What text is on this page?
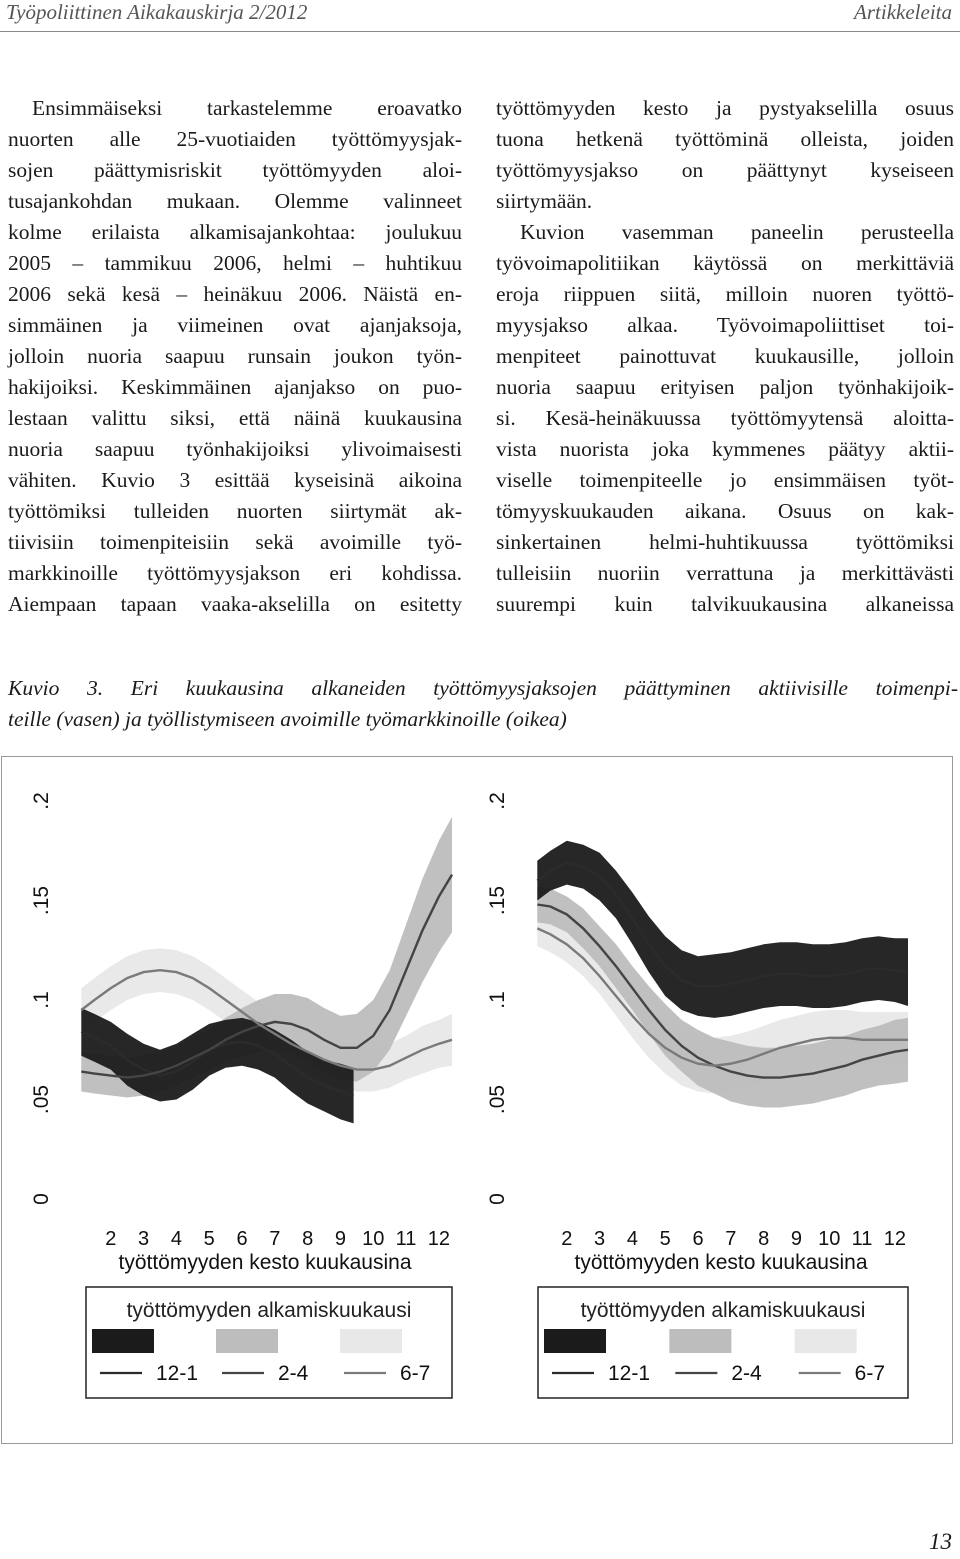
Työpoliittinen Aikakauskirja 2/2012	Artikkeleita
Ensimmäiseksi tarkastelemme eroavatko
nuorten alle 25-vuotiaiden työttömyysjak-
sojen päättymisriskit työttömyyden aloi-
tusajankohdan mukaan. Olemme valinneet
kolme erilaista alkamisajankohtaa: joulukuu
2005 – tammikuu 2006, helmi – huhtikuu
2006 sekä kesä – heinäkuu 2006. Näistä en-
simmäinen ja viimeinen ovat ajanjaksoja,
jolloin nuoria saapuu runsain joukon työn-
hakijoiksi. Keskimmäinen ajanjakso on puo-
lestaan valittu siksi, että näinä kuukausina
nuoria saapuu työnhakijoiksi ylivoimaisesti
vähiten. Kuvio 3 esittää kyseisinä aikoina
työttömiksi tulleiden nuorten siirtymät ak-
tiivisiin toimenpiteisiin sekä avoimille työ-
markkinoille työttömyysjakson eri kohdissa.
Aiempaan tapaan vaaka-akselilla on esitetty
työttömyyden kesto ja pystyakselilla osuus
tuona hetkenä työttöminä olleista, joiden
työttömyysjakso on päättynyt kyseiseen
siirtymään.
Kuvion vasemman paneelin perusteella
työvoimapolitiikan käytössä on merkittäviä
eroja riippuen siitä, milloin nuoren työttö-
myysjakso alkaa. Työvoimapoliittiset toi-
menpiteet painottuvat kuukausille, jolloin
nuoria saapuu erityisen paljon työnhakijoik-
si. Kesä-heinäkuussa työttömyytensä aloitta-
vista nuorista joka kymmenes päätyy aktii-
viselle toimenpiteelle jo ensimmäisen työt-
tömyyskuukauden aikana. Osuus on kak-
sinkertainen helmi-huhtikuussa työttömiksi
tulleisiin nuoriin verrattuna ja merkittävästi
suurempi kuin talvikuukausina alkaneissa
Kuvio 3. Eri kuukausina alkaneiden työttömyysjaksojen päättyminen aktiivisille toimenpi-
teille (vasen) ja työllistymiseen avoimille työmarkkinoille (oikea)
0
.05
.1
.15
.2
2 3 4 5 6 7 8 9 10 11 12
työttömyyden kesto kuukausina
työttömyyden alkamiskuukausi
12-1	2-4	6-7
0
.05
.1
.15
.2
2 3 4 5 6 7 8 9 10 11 12
työttömyyden kesto kuukausina
työttömyyden alkamiskuukausi
12-1	2-4	6-7
13
